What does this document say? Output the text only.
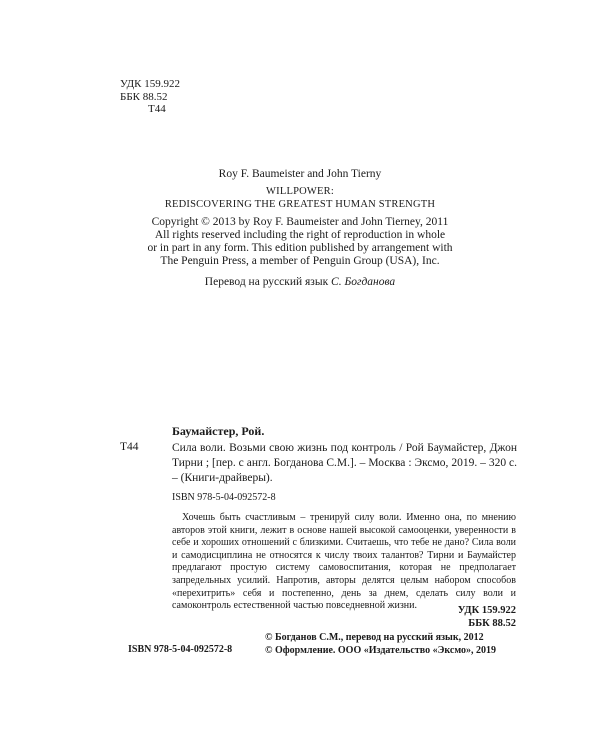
УДК 159.922
ББК 88.52
Т44
Roy F. Baumeister and John Tierny
WILLPOWER:
REDISCOVERING THE GREATEST HUMAN STRENGTH
Copyright © 2013 by Roy F. Baumeister and John Tierney, 2011
All rights reserved including the right of reproduction in whole
or in part in any form. This edition published by arrangement with
The Penguin Press, a member of Penguin Group (USA), Inc.
Перевод на русский язык С. Богданова
Баумайстер, Рой.
Т44	Сила воли. Возьми свою жизнь под контроль / Рой Баумайстер, Джон Тирни ; [пер. с англ. Богданова С.М.]. – Москва : Эксмо, 2019. – 320 с. – (Книги-драйверы).
ISBN 978-5-04-092572-8
Хочешь быть счастливым – тренируй силу воли. Именно она, по мнению авторов этой книги, лежит в основе нашей высокой самооценки, уверенности в себе и хороших отношений с близкими. Считаешь, что тебе не дано? Сила воли и самодисциплина не относятся к числу твоих талантов? Тирни и Баумайстер предлагают простую систему самовоспитания, которая не предполагает запредельных усилий. Напротив, авторы делятся целым набором способов «перехитрить» себя и постепенно, день за днем, сделать силу воли и самоконтроль естественной частью повседневной жизни.	УДК 159.922
ББК 88.52
ISBN 978-5-04-092572-8
© Богданов С.М., перевод на русский язык, 2012
© Оформление. ООО «Издательство «Эксмо», 2019
